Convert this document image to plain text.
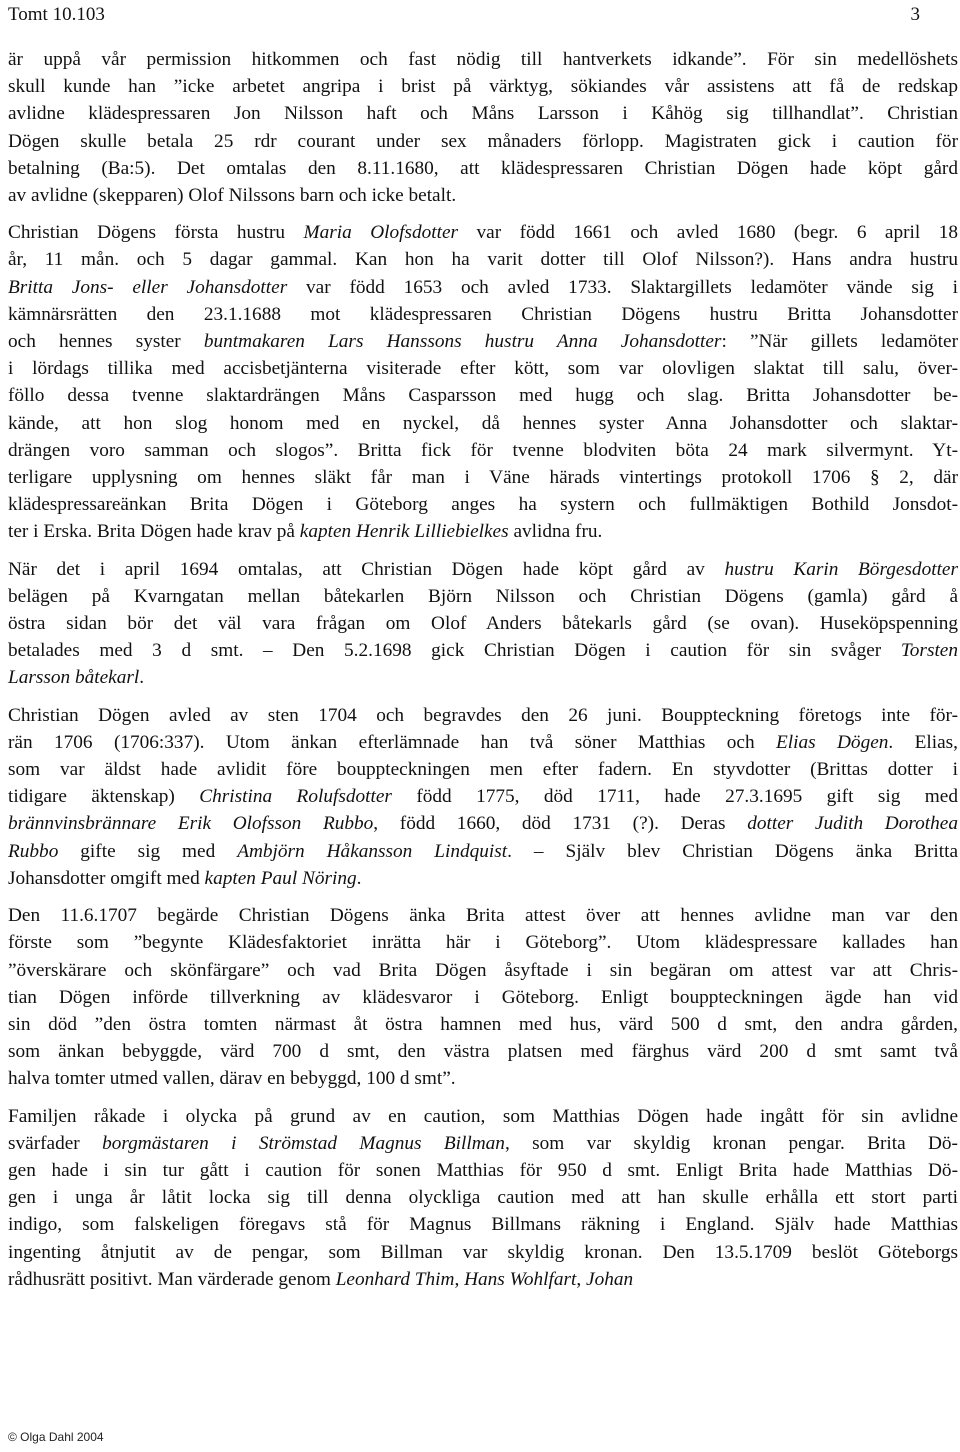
Tomt 10.103	3
är uppå vår permission hitkommen och fast nödig till hantverkets idkande”. För sin medellöshets
skull kunde han ”icke arbetet angripa i brist på värktyg, sökiandes vår assistens att få de redskap
avlidne klädespressaren Jon Nilsson haft och Måns Larsson i Kåhög sig tillhandlat”. Christian
Dögen skulle betala 25 rdr courant under sex månaders förlopp. Magistraten gick i caution för
betalning (Ba:5). Det omtalas den 8.11.1680, att klädespressaren Christian Dögen hade köpt gård
av avlidne (skepparen) Olof Nilssons barn och icke betalt.
Christian Dögens första hustru Maria Olofsdotter var född 1661 och avled 1680 (begr. 6 april 18
år, 11 mån. och 5 dagar gammal. Kan hon ha varit dotter till Olof Nilsson?). Hans andra hustru
Britta Jons- eller Johansdotter var född 1653 och avled 1733. Slaktargillets ledamöter vände sig i
kämnärsrätten den 23.1.1688 mot klädespressaren Christian Dögens hustru Britta Johansdotter
och hennes syster buntmakaren Lars Hanssons hustru Anna Johansdotter: ”När gillets ledamöter
i lördags tillika med accisbetjänterna visiterade efter kött, som var olovligen slaktat till salu, över-
föllo dessa tvenne slaktardrängen Måns Casparsson med hugg och slag. Britta Johansdotter be-
kände, att hon slog honom med en nyckel, då hennes syster Anna Johansdotter och slaktar-
drängen voro samman och slogos”. Britta fick för tvenne blodviten böta 24 mark silvermynt. Yt-
terligare upplysning om hennes släkt får man i Väne härads vintertings protokoll 1706 § 2, där
klädespressareänkan Brita Dögen i Göteborg anges ha systern och fullmäktigen Bothild Jonsdot-
ter i Erska. Brita Dögen hade krav på kapten Henrik Lilliebielkes avlidna fru.
När det i april 1694 omtalas, att Christian Dögen hade köpt gård av hustru Karin Börgesdotter
belägen på Kvarngatan mellan båtekarlen Björn Nilsson och Christian Dögens (gamla) gård å
östra sidan bör det väl vara frågan om Olof Anders båtekarls gård (se ovan). Huseköpspenning
betalades med 3 d smt. – Den 5.2.1698 gick Christian Dögen i caution för sin svåger Torsten
Larsson båtekarl.
Christian Dögen avled av sten 1704 och begravdes den 26 juni. Bouppteckning företogs inte för-
rän 1706 (1706:337). Utom änkan efterlämnade han två söner Matthias och Elias Dögen. Elias,
som var äldst hade avlidit före bouppteckningen men efter fadern. En styvdotter (Brittas dotter i
tidigare äktenskap) Christina Rolufsdotter född 1775, död 1711, hade 27.3.1695 gift sig med
brännvinsbrännare Erik Olofsson Rubbo, född 1660, död 1731 (?). Deras dotter Judith Dorothea
Rubbo gifte sig med Ambjörn Håkansson Lindquist. – Själv blev Christian Dögens änka Britta
Johansdotter omgift med kapten Paul Nöring.
Den 11.6.1707 begärde Christian Dögens änka Brita attest över att hennes avlidne man var den
förste som ”begynte Klädesfaktoriet inrätta här i Göteborg”. Utom klädespressare kallades han
”överskärare och skönfärgare” och vad Brita Dögen åsyftade i sin begäran om attest var att Chris-
tian Dögen införde tillverkning av klädesvaror i Göteborg. Enligt bouppteckningen ägde han vid
sin död ”den östra tomten närmast åt östra hamnen med hus, värd 500 d smt, den andra gården,
som änkan bebyggde, värd 700 d smt, den västra platsen med färghus värd 200 d smt samt två
halva tomter utmed vallen, därav en bebyggd, 100 d smt”.
Familjen råkade i olycka på grund av en caution, som Matthias Dögen hade ingått för sin avlidne
svärfader borgmästaren i Strömstad Magnus Billman, som var skyldig kronan pengar. Brita Dö-
gen hade i sin tur gått i caution för sonen Matthias för 950 d smt. Enligt Brita hade Matthias Dö-
gen i unga år låtit locka sig till denna olyckliga caution med att han skulle erhålla ett stort parti
indigo, som falskeligen föregavs stå för Magnus Billmans räkning i England. Själv hade Matthias
ingenting åtnjutit av de pengar, som Billman var skyldig kronan. Den 13.5.1709 beslöt Göteborgs
rådhusrätt positivt. Man värderade genom Leonhard Thim, Hans Wohlfart, Johan
© Olga Dahl 2004
